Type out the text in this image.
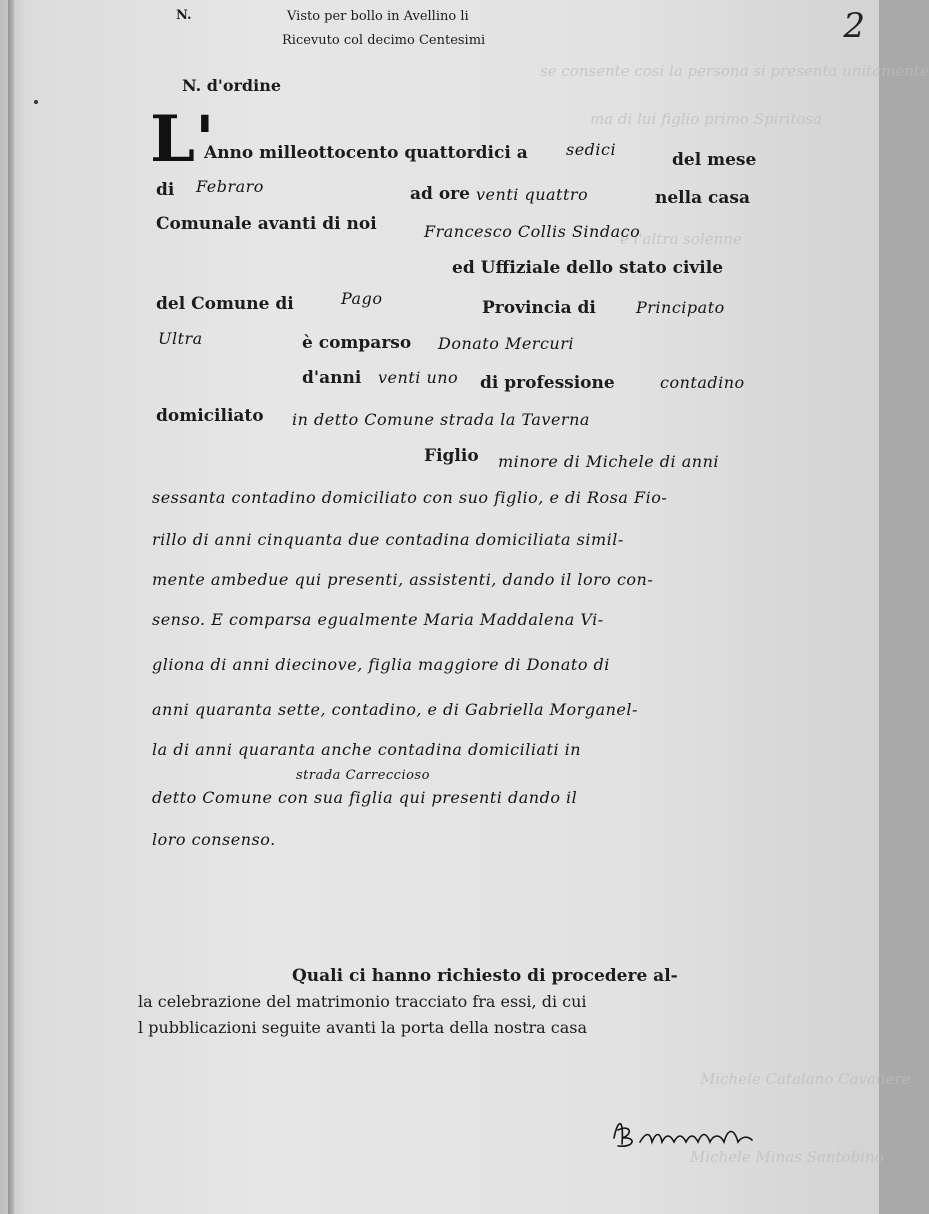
se consente cosi la persona si presenta unitamente
ma di lui figlio primo Spiritosa
e l'altra solenne
Michele Catalano Cavaliere
Michele Minas Santobino
N.	Visto per bollo in Avellino li
Ricevuto col decimo Centesimi	2
N. d'ordine
L'
Anno milleottocento quattordici a sedici
del mese
di Febraro	ad ore venti quattro	nella casa
Comunale avanti di noi	Francesco Collis Sindaco
ed Uffiziale dello stato civile
del Comune di	Pago	Provincia di	Principato
Ultra	è comparso Donato Mercuri
d'anni venti uno di professione	contadino
domiciliato in detto Comune strada la Taverna
Figlio minore di Michele di anni
sessanta contadino domiciliato con suo figlio, e di Rosa Fio-
rillo di anni cinquanta due contadina domiciliata simil-
mente ambedue qui presenti, assistenti, dando il loro con-
senso. E comparsa egualmente Maria Maddalena Vi-
gliona di anni diecinove, figlia maggiore di Donato di
anni quaranta sette, contadino, e di Gabriella Morganel-
la di anni quaranta anche contadina domiciliati in
strada Carreccioso
detto Comune con sua figlia qui presenti dando il
loro consenso.
Quali ci hanno richiesto di procedere al-
la celebrazione del matrimonio tracciato fra essi, di cui
l pubblicazioni seguite avanti la porta della nostra casa
